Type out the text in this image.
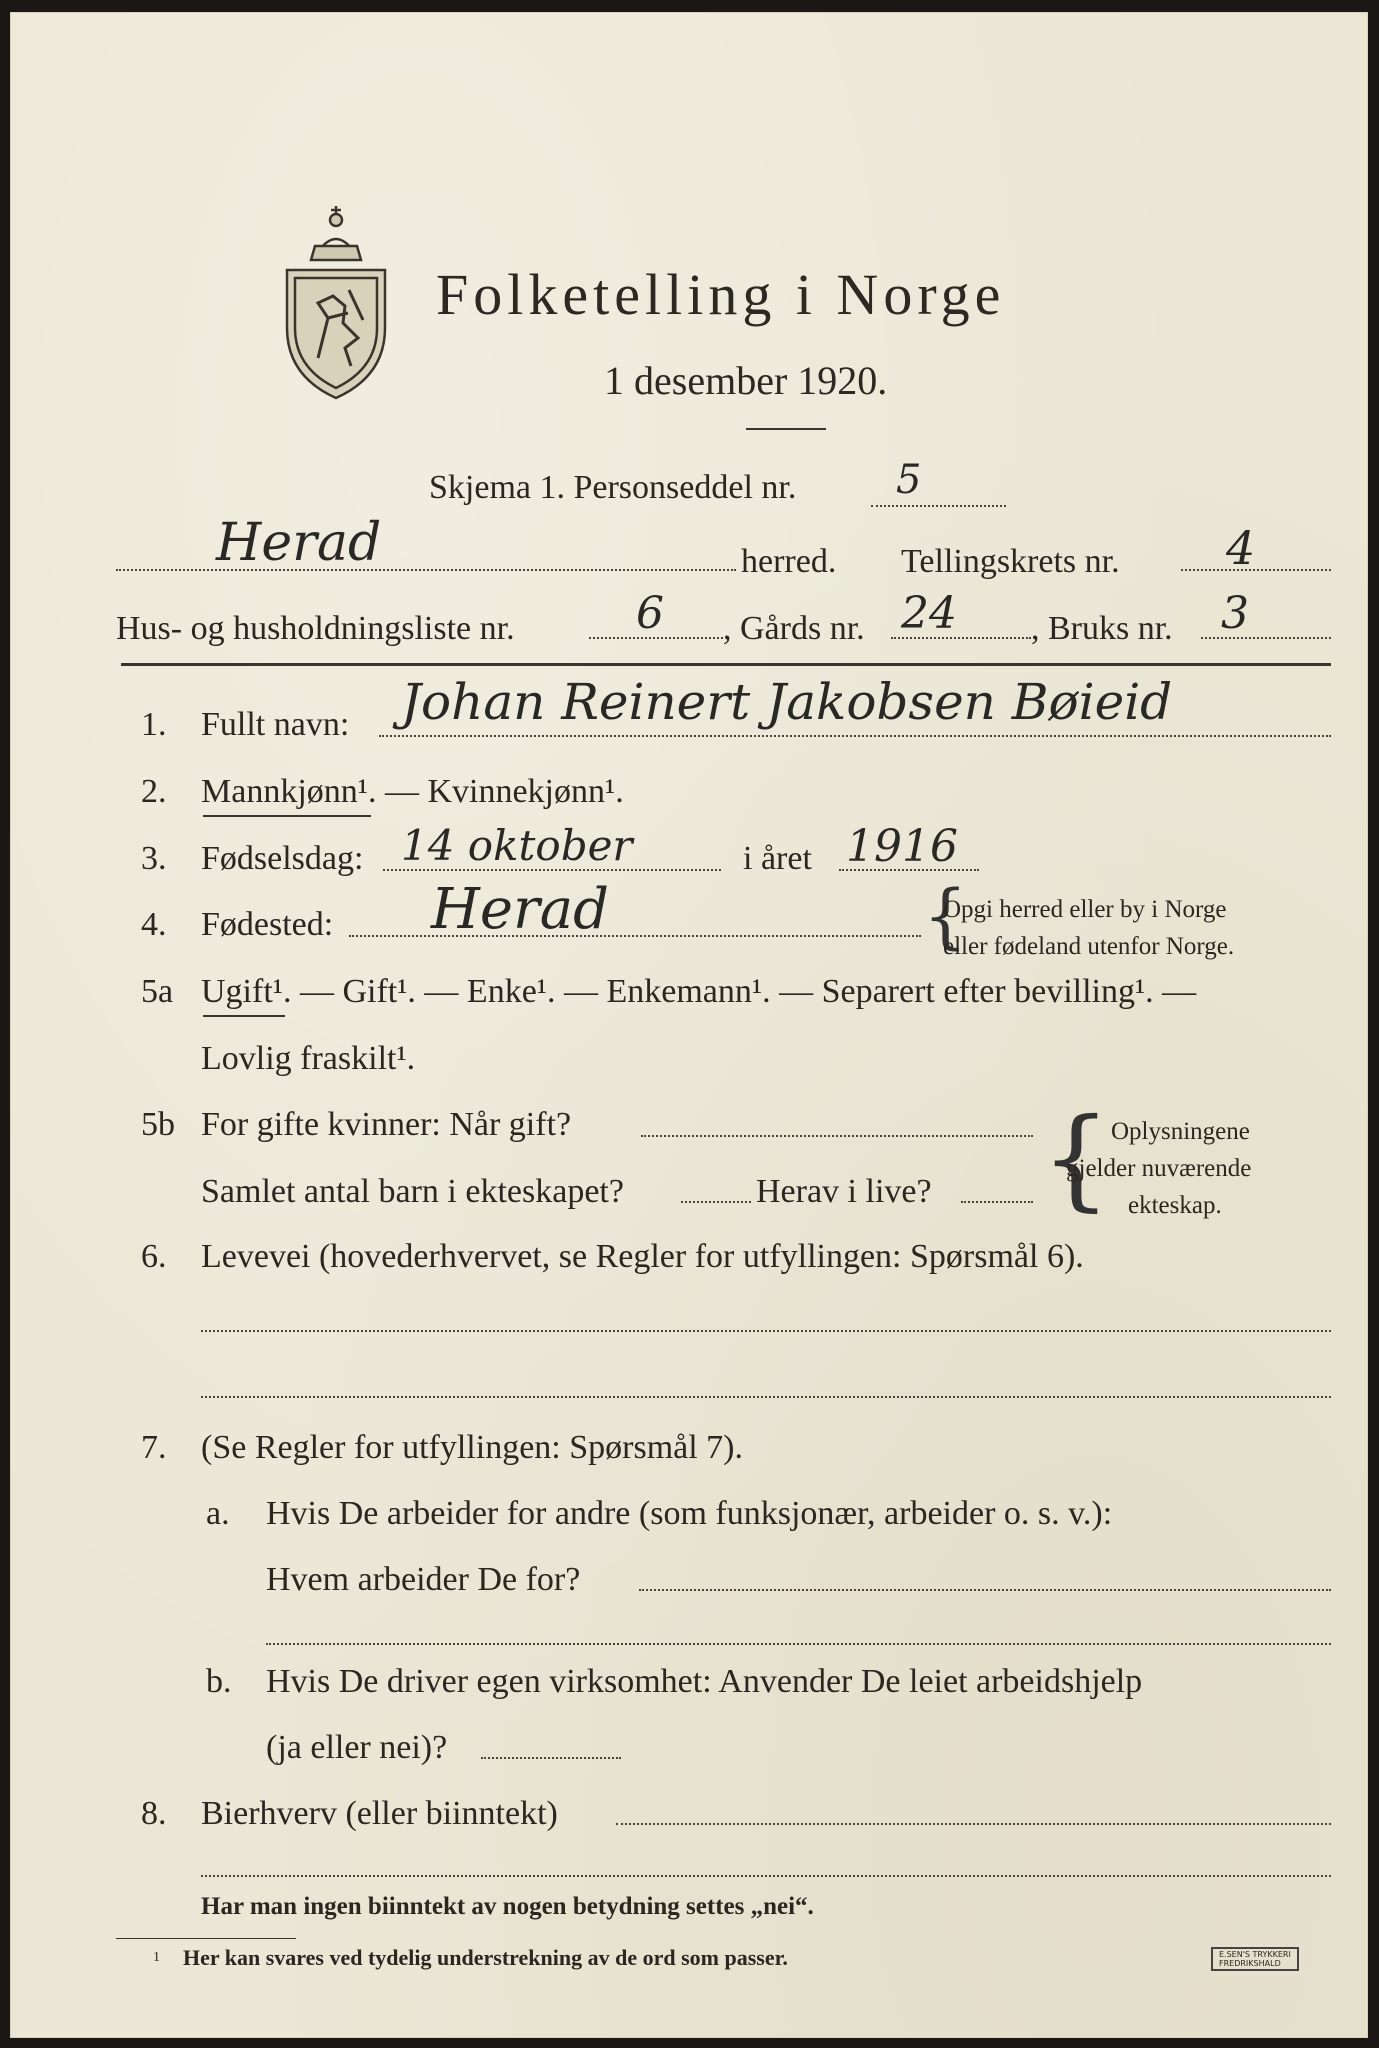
Folketelling i Norge
1 desember 1920.
Skjema 1. Personseddel nr. 5
Herad	herred. Tellingskrets nr. 4
Hus- og husholdningsliste nr.	6 , Gårds nr. 24 , Bruks nr. 3
1. Fullt navn: Johan Reinert Jakobsen Bøieid
2. Mannkjønn¹. — Kvinnekjønn¹.
3. Fødselsdag: 14 oktober	i året 1916
4. Fødested: Herad	{
Opgi herred eller by i Norge
eller fødeland utenfor Norge.
5a Ugift¹. — Gift¹. — Enke¹. — Enkemann¹. — Separert efter bevilling¹. —
Lovlig fraskilt¹.
5b For gifte kvinner: Når gift?
Samlet antal barn i ekteskapet?	Herav i live? { Oplysningene
gjelder nuværende
ekteskap.
6. Levevei (hovederhvervet, se Regler for utfyllingen: Spørsmål 6).
7. (Se Regler for utfyllingen: Spørsmål 7).
a. Hvis De arbeider for andre (som funksjonær, arbeider o. s. v.):
Hvem arbeider De for?
b. Hvis De driver egen virksomhet: Anvender De leiet arbeidshjelp
(ja eller nei)?
8. Bierhverv (eller biinntekt)
Har man ingen biinntekt av nogen betydning settes „nei“.
1 Her kan svares ved tydelig understrekning av de ord som passer.	E.SEN'S TRYKKERI
FREDRIKSHALD
